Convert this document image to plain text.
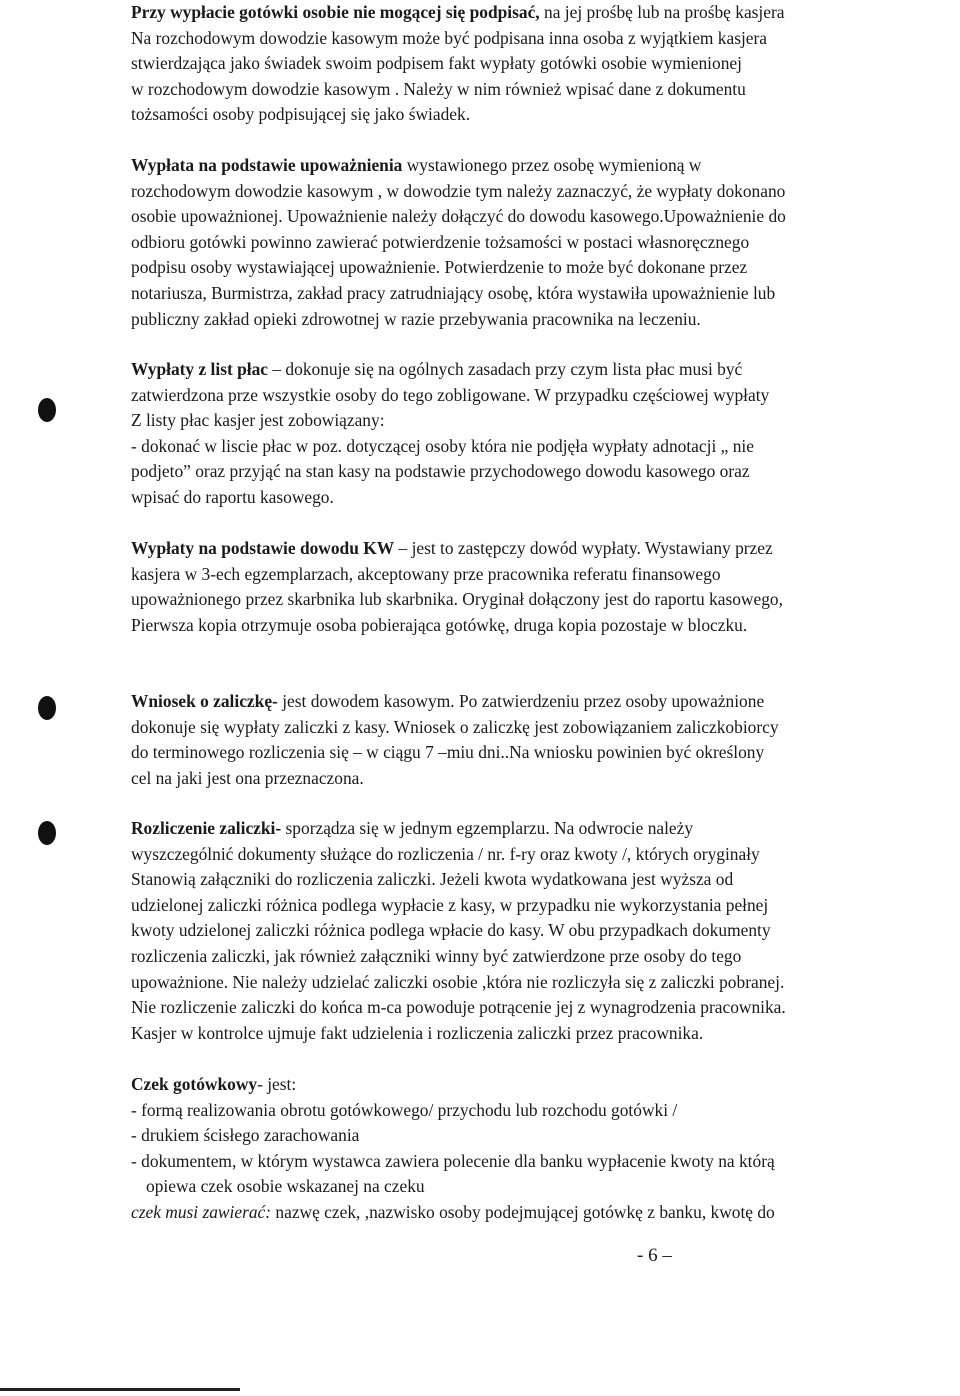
Przy wypłacie gotówki osobie nie mogącej się podpisać, na jej prośbę lub na prośbę kasjera
Na rozchodowym dowodzie kasowym może być podpisana inna osoba z wyjątkiem kasjera
stwierdzająca jako świadek swoim podpisem fakt wypłaty gotówki osobie wymienionej
w rozchodowym dowodzie kasowym . Należy w nim również wpisać dane z dokumentu
tożsamości osoby podpisującej się jako świadek.
Wypłata na podstawie upoważnienia wystawionego przez osobę wymienioną w
rozchodowym dowodzie kasowym , w dowodzie tym należy zaznaczyć, że wypłaty dokonano
osobie upoważnionej. Upoważnienie należy dołączyć do dowodu kasowego.Upoważnienie do
odbioru gotówki powinno zawierać potwierdzenie tożsamości w postaci własnoręcznego
podpisu osoby wystawiającej upoważnienie. Potwierdzenie to może być dokonane przez
notariusza, Burmistrza, zakład pracy zatrudniający osobę, która wystawiła upoważnienie lub
publiczny zakład opieki zdrowotnej w razie przebywania pracownika na leczeniu.
Wypłaty z list płac – dokonuje się na ogólnych zasadach przy czym lista płac musi być
zatwierdzona prze wszystkie osoby do tego zobligowane. W przypadku częściowej wypłaty
Z listy płac kasjer jest zobowiązany:
- dokonać w liscie płac w poz. dotyczącej osoby która nie podjęła wypłaty adnotacji „ nie
podjeto” oraz przyjąć na stan kasy na podstawie przychodowego dowodu kasowego oraz
wpisać do raportu kasowego.
Wypłaty na podstawie dowodu KW – jest to zastępczy dowód wypłaty. Wystawiany przez
kasjera w 3-ech egzemplarzach, akceptowany prze pracownika referatu finansowego
upoważnionego przez skarbnika lub skarbnika. Oryginał dołączony jest do raportu kasowego,
Pierwsza kopia otrzymuje osoba pobierająca gotówkę, druga kopia pozostaje w bloczku.
Wniosek o zaliczkę- jest dowodem kasowym. Po zatwierdzeniu przez osoby upoważnione
dokonuje się wypłaty zaliczki z kasy. Wniosek o zaliczkę jest zobowiązaniem zaliczkobiorcy
do terminowego rozliczenia się – w ciągu 7 –miu dni..Na wniosku powinien być określony
cel na jaki jest ona przeznaczona.
Rozliczenie zaliczki- sporządza się w jednym egzemplarzu. Na odwrocie należy
wyszczególnić dokumenty służące do rozliczenia / nr. f-ry oraz kwoty /, których oryginały
Stanowią załączniki do rozliczenia zaliczki. Jeżeli kwota wydatkowana jest wyższa od
udzielonej zaliczki różnica podlega wypłacie z kasy, w przypadku nie wykorzystania pełnej
kwoty udzielonej zaliczki różnica podlega wpłacie do kasy. W obu przypadkach dokumenty
rozliczenia zaliczki, jak również załączniki winny być zatwierdzone prze osoby do tego
upoważnione. Nie należy udzielać zaliczki osobie ,która nie rozliczyła się z zaliczki pobranej.
Nie rozliczenie zaliczki do końca m-ca powoduje potrącenie jej z wynagrodzenia pracownika.
Kasjer w kontrolce ujmuje fakt udzielenia i rozliczenia zaliczki przez pracownika.
Czek gotówkowy- jest:
- formą realizowania obrotu gotówkowego/ przychodu lub rozchodu gotówki /
- drukiem ścisłego zarachowania
- dokumentem, w którym wystawca zawiera polecenie dla banku wypłacenie kwoty na którą
opiewa czek osobie wskazanej na czeku
czek musi zawierać: nazwę czek, ,nazwisko osoby podejmującej gotówkę z banku, kwotę do
- 6 –
